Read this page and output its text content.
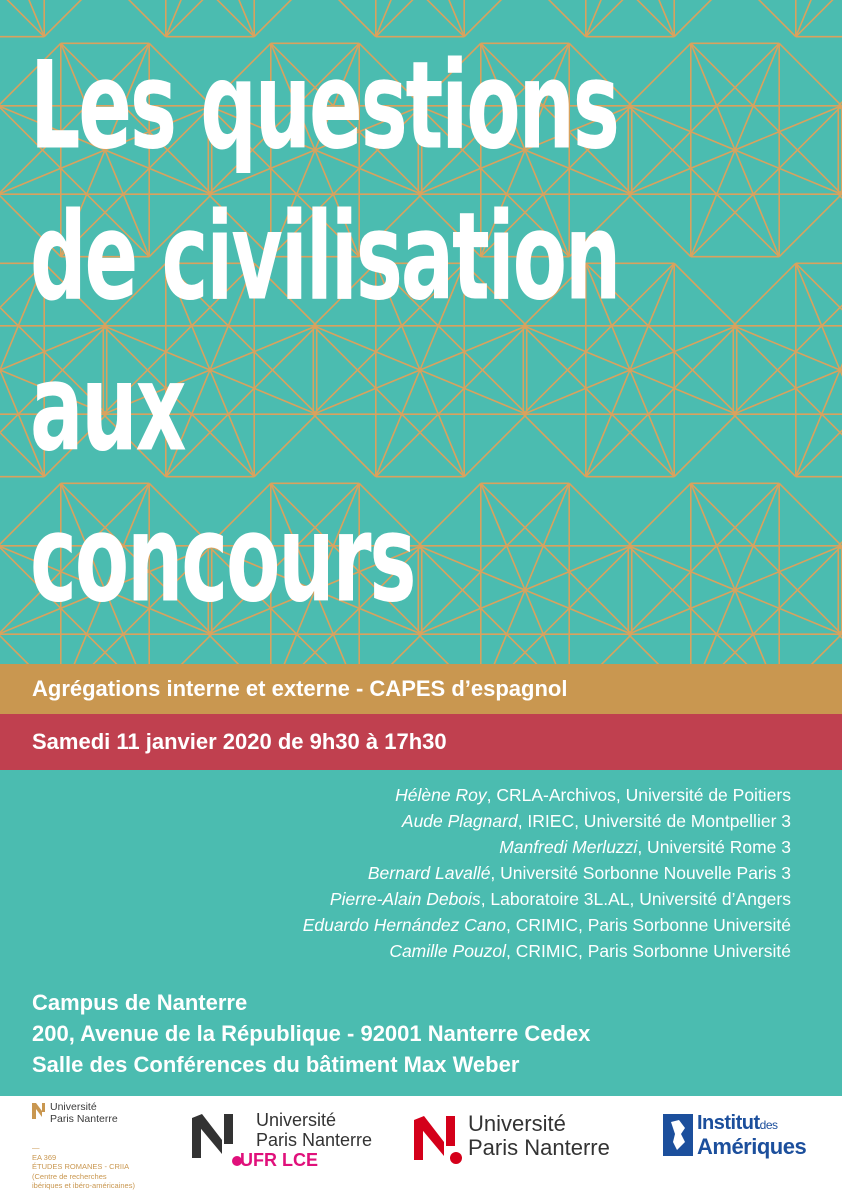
Les questions
de civilisation
aux
concours
Agrégations interne et externe - CAPES d’espagnol
Samedi 11 janvier 2020 de 9h30 à 17h30
Hélène Roy, CRLA-Archivos, Université de Poitiers
Aude Plagnard, IRIEC, Université de Montpellier 3
Manfredi Merluzzi, Université Rome 3
Bernard Lavallé, Université Sorbonne Nouvelle Paris 3
Pierre-Alain Debois, Laboratoire 3L.AL, Université d’Angers
Eduardo Hernández Cano, CRIMIC, Paris Sorbonne Université
Camille Pouzol, CRIMIC, Paris Sorbonne Université
Campus de Nanterre
200, Avenue de la République - 92001 Nanterre Cedex
Salle des Conférences du bâtiment Max Weber
Université
Paris Nanterre
—
EA 369
ÉTUDES ROMANES - CRIIA
(Centre de recherches
ibériques et ibéro-américaines)
Université
Paris Nanterre
UFR LCE
Université
Paris Nanterre
Institutdes
Amériques
